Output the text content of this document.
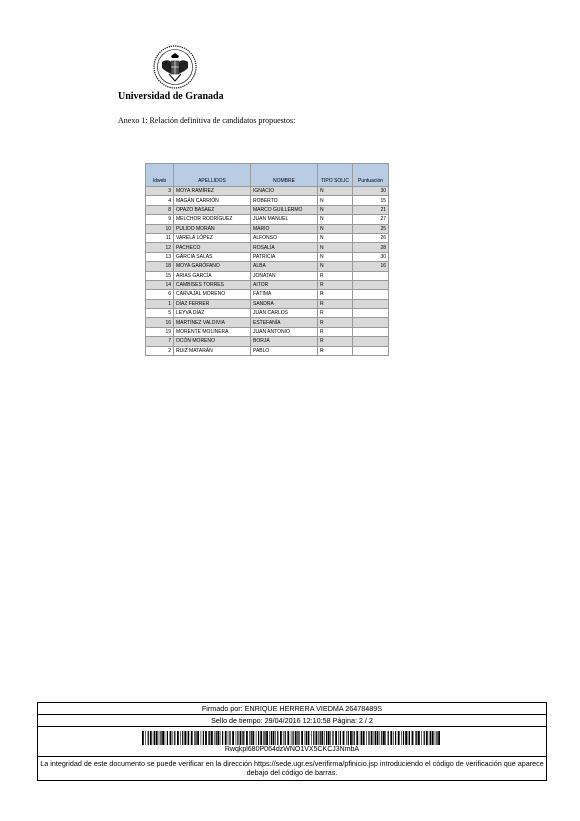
Universidad de Granada
Anexo 1: Relación definitiva de candidatos propuestos:
Idweb	APELLIDOS	NOMBRE	TIPO SOLIC	Puntuación
3	MOYA RAMÍREZ	IGNACIO	N	30
4	MAGÁN CARRIÓN	ROBERTO	N	15
8	OPAZO BASAEZ	MARCO GUILLERMO	N	21
9	MELCHOR RODRÍGUEZ	JUAN MANUEL	N	27
10	PULIDO MORÁN	MARIO	N	25
11	VARELA LÓPEZ	ALFONSO	N	26
12	PACHECO	ROSALÍA	N	28
13	GARCIA SALAS	PATRICIA	N	30
18	MOYA GARÓFANO	ALBA	N	16
15	ARIAS GARCÍA	JONATAN	R	
14	CAMBISES TORRES	AITOR	R	
6	CARVAJAL MORENO	FÁTIMA	R	
1	DÍAZ FERRER	SANDRA	R	
5	LEYVA DÍAZ	JUAN CARLOS	R	
16	MARTÍNEZ VALDIVIA	ESTEFANÍA	R	
19	MORENTE MOLINERA	JUAN ANTONIO	R	
7	OCÓN MORENO	BORJA	R	
2	RUIZ MATARÁN	PABLO	R	
Firmado por: ENRIQUE HERRERA VIEDMA 26478489S
Sello de tiempo: 29/04/2016 12:10:58 Página: 2 / 2
Rwqkpl680P064dzWNO1VX5CKCJ3NmbA
La integridad de este documento se puede verificar en la dirección https://sede.ugr.es/verifirma/pfinicio.jsp introduciendo el código de verificación que aparece debajo del código de barras.
